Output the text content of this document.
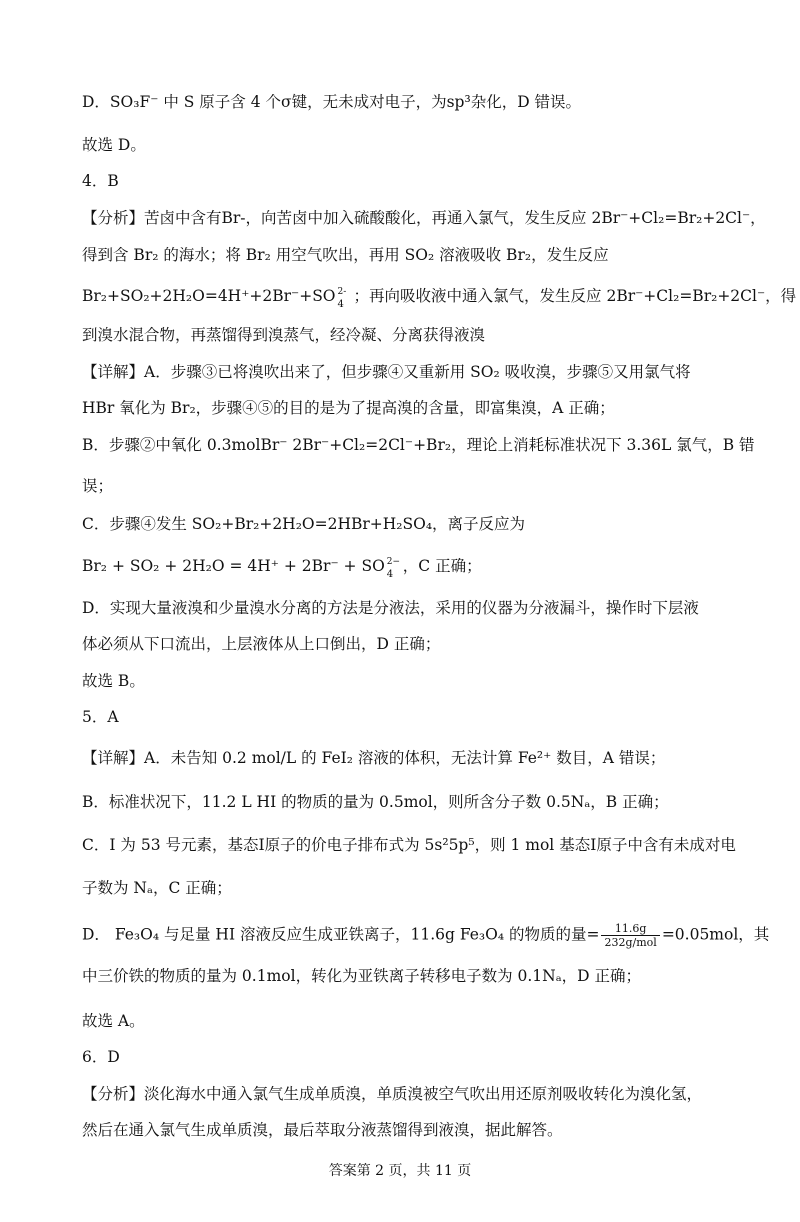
D．SO₃F⁻ 中 S 原子含 4 个σ键，无未成对电子，为sp³杂化，D 错误。
故选 D。
4．B
【分析】苦卤中含有Br-，向苦卤中加入硫酸酸化，再通入氯气，发生反应 2Br⁻+Cl₂=Br₂+2Cl⁻，
得到含 Br₂ 的海水；将 Br₂ 用空气吹出，再用 SO₂ 溶液吸收 Br₂，发生反应
Br₂+SO₂+2H₂O=4H⁺+2Br⁻+SO 2-
4 ；再向吸收液中通入氯气，发生反应 2Br⁻+Cl₂=Br₂+2Cl⁻，得
到溴水混合物，再蒸馏得到溴蒸气，经冷凝、分离获得液溴
【详解】A．步骤③已将溴吹出来了，但步骤④又重新用 SO₂ 吸收溴，步骤⑤又用氯气将
HBr 氧化为 Br₂，步骤④⑤的目的是为了提高溴的含量，即富集溴，A 正确；
B．步骤②中氧化 0.3molBr⁻ 2Br⁻+Cl₂=2Cl⁻+Br₂，理论上消耗标准状况下 3.36L 氯气，B 错
误；
C．步骤④发生 SO₂+Br₂+2H₂O=2HBr+H₂SO₄，离子反应为
Br₂ + SO₂ + 2H₂O = 4H⁺ + 2Br⁻ + SO 2−
4 ，C 正确；
D．实现大量液溴和少量溴水分离的方法是分液法，采用的仪器为分液漏斗，操作时下层液
体必须从下口流出，上层液体从上口倒出，D 正确；
故选 B。
5．A
【详解】A．未告知 0.2 mol/L 的 FeI₂ 溶液的体积，无法计算 Fe²⁺ 数目，A 错误；
B．标准状况下，11.2 L HI 的物质的量为 0.5mol，则所含分子数 0.5Nₐ，B 正确；
C．I 为 53 号元素，基态I原子的价电子排布式为 5s²5p⁵，则 1 mol 基态I原子中含有未成对电
子数为 Nₐ，C 正确；
D． Fe₃O₄ 与足量 HI 溶液反应生成亚铁离子，11.6g Fe₃O₄ 的物质的量= $\frac{11.6g}{\text{232g/mol}} =0.05mol$，其
中三价铁的物质的量为 0.1mol，转化为亚铁离子转移电子数为 0.1Nₐ，D 正确；
故选 A。
6．D
【分析】淡化海水中通入氯气生成单质溴，单质溴被空气吹出用还原剂吸收转化为溴化氢，
然后在通入氯气生成单质溴，最后萃取分液蒸馏得到液溴，据此解答。
答案第 2 页，共 11 页
